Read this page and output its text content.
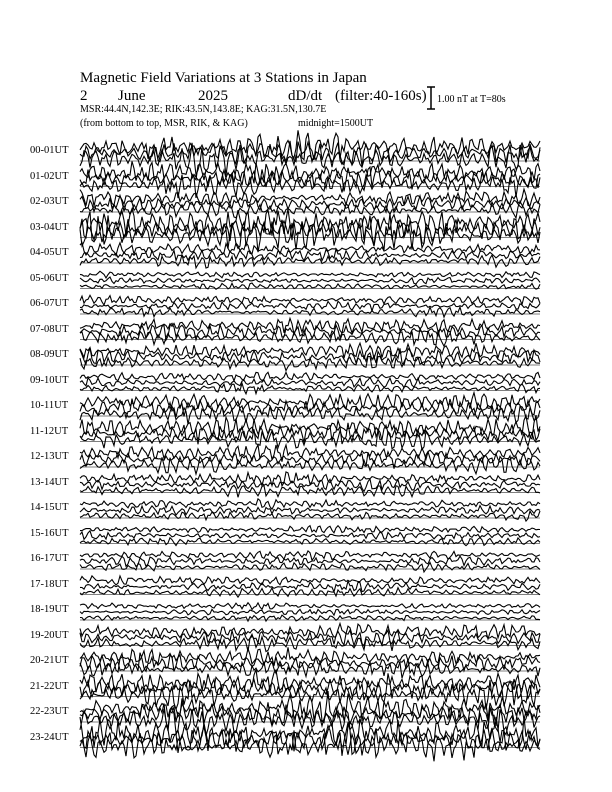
Magnetic Field Variations at 3 Stations in Japan
2 June	2025	dD/dt (filter:40-160s)
MSR:44.4N,142.3E; RIK:43.5N,143.8E; KAG:31.5N,130.7E
(from bottom to top, MSR, RIK, & KAG)	midnight=1500UT
1.00 nT at T=80s
00-01UT
01-02UT
02-03UT
03-04UT
04-05UT
05-06UT
06-07UT
07-08UT
08-09UT
09-10UT
10-11UT
11-12UT
12-13UT
13-14UT
14-15UT
15-16UT
16-17UT
17-18UT
18-19UT
19-20UT
20-21UT
21-22UT
22-23UT
23-24UT
